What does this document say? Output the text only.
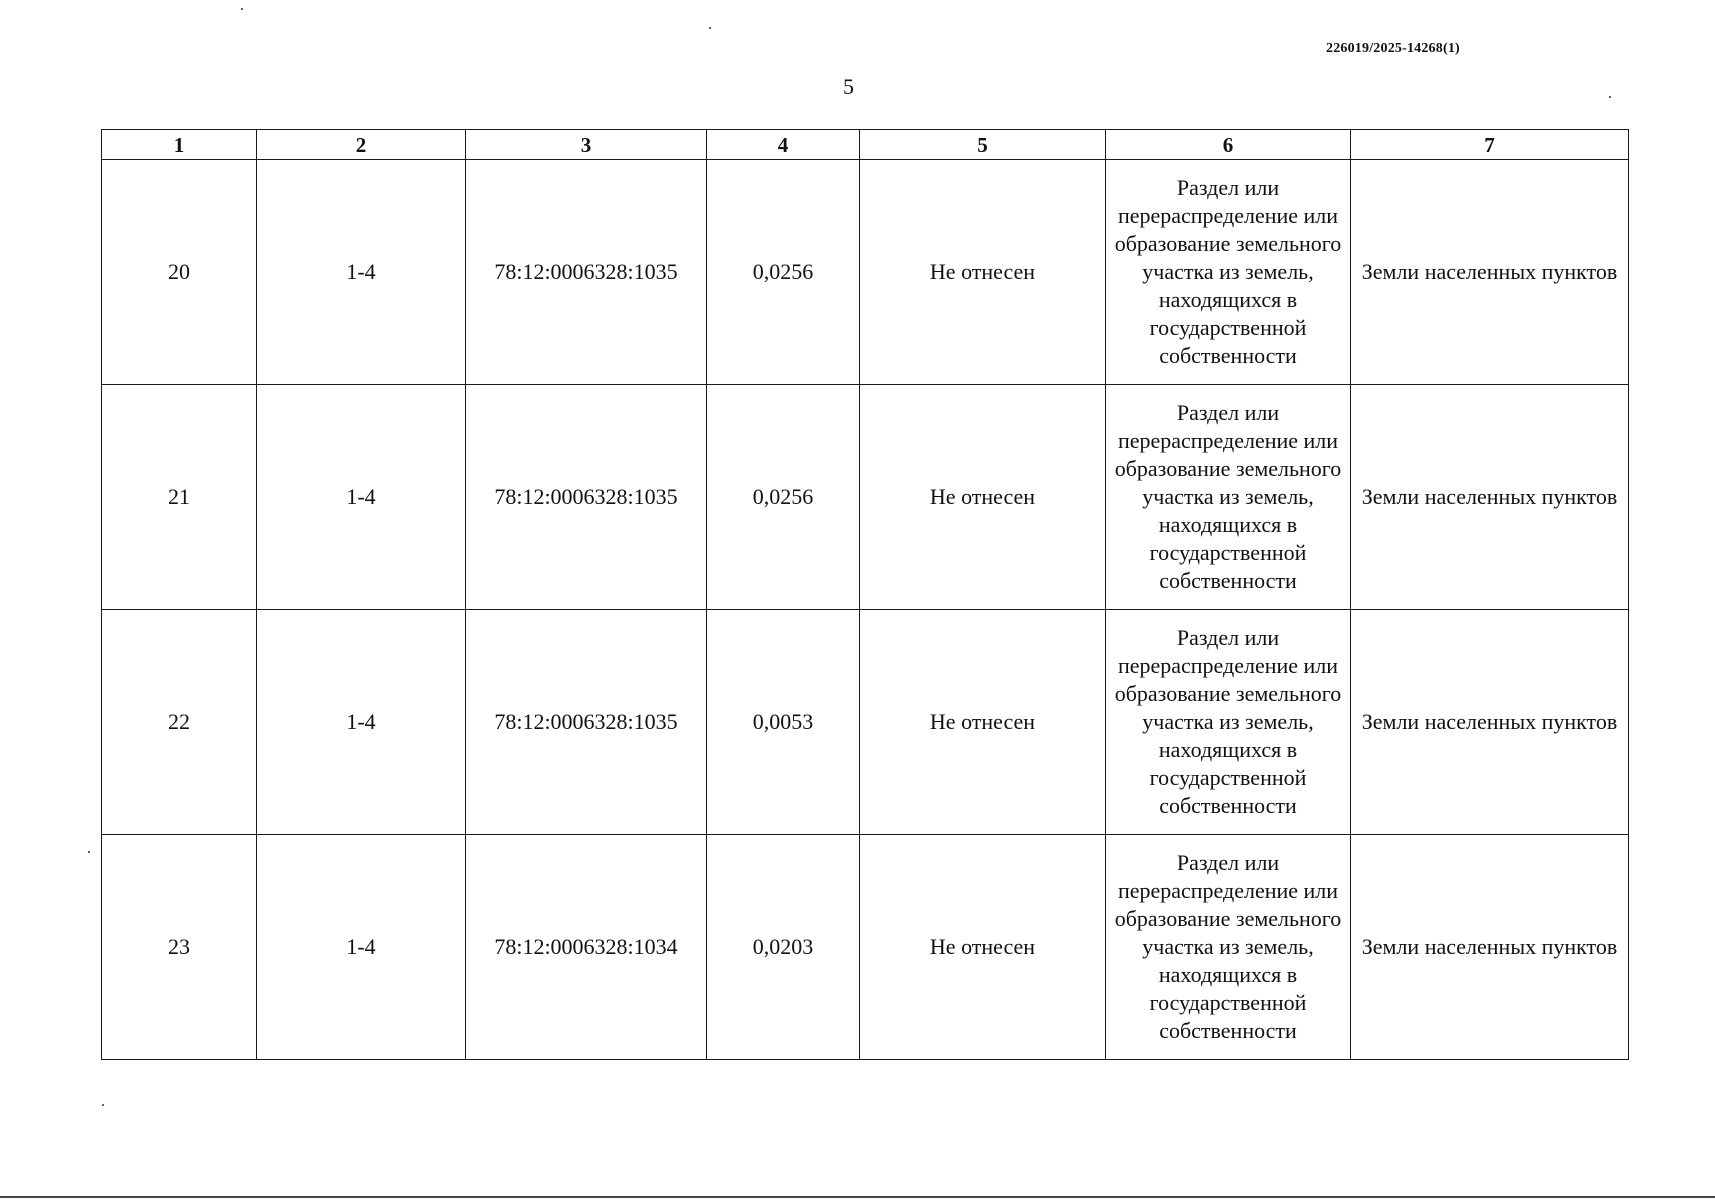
226019/2025-14268(1)
5
1	2	3	4	5	6	7
20	1-4	78:12:0006328:1035	0,0256	Не отнесен	Раздел или перераспределение или образование земельного участка из земель, находящихся в государственной собственности	Земли населенных пунктов
21	1-4	78:12:0006328:1035	0,0256	Не отнесен	Раздел или перераспределение или образование земельного участка из земель, находящихся в государственной собственности	Земли населенных пунктов
22	1-4	78:12:0006328:1035	0,0053	Не отнесен	Раздел или перераспределение или образование земельного участка из земель, находящихся в государственной собственности	Земли населенных пунктов
23	1-4	78:12:0006328:1034	0,0203	Не отнесен	Раздел или перераспределение или образование земельного участка из земель, находящихся в государственной собственности	Земли населенных пунктов
